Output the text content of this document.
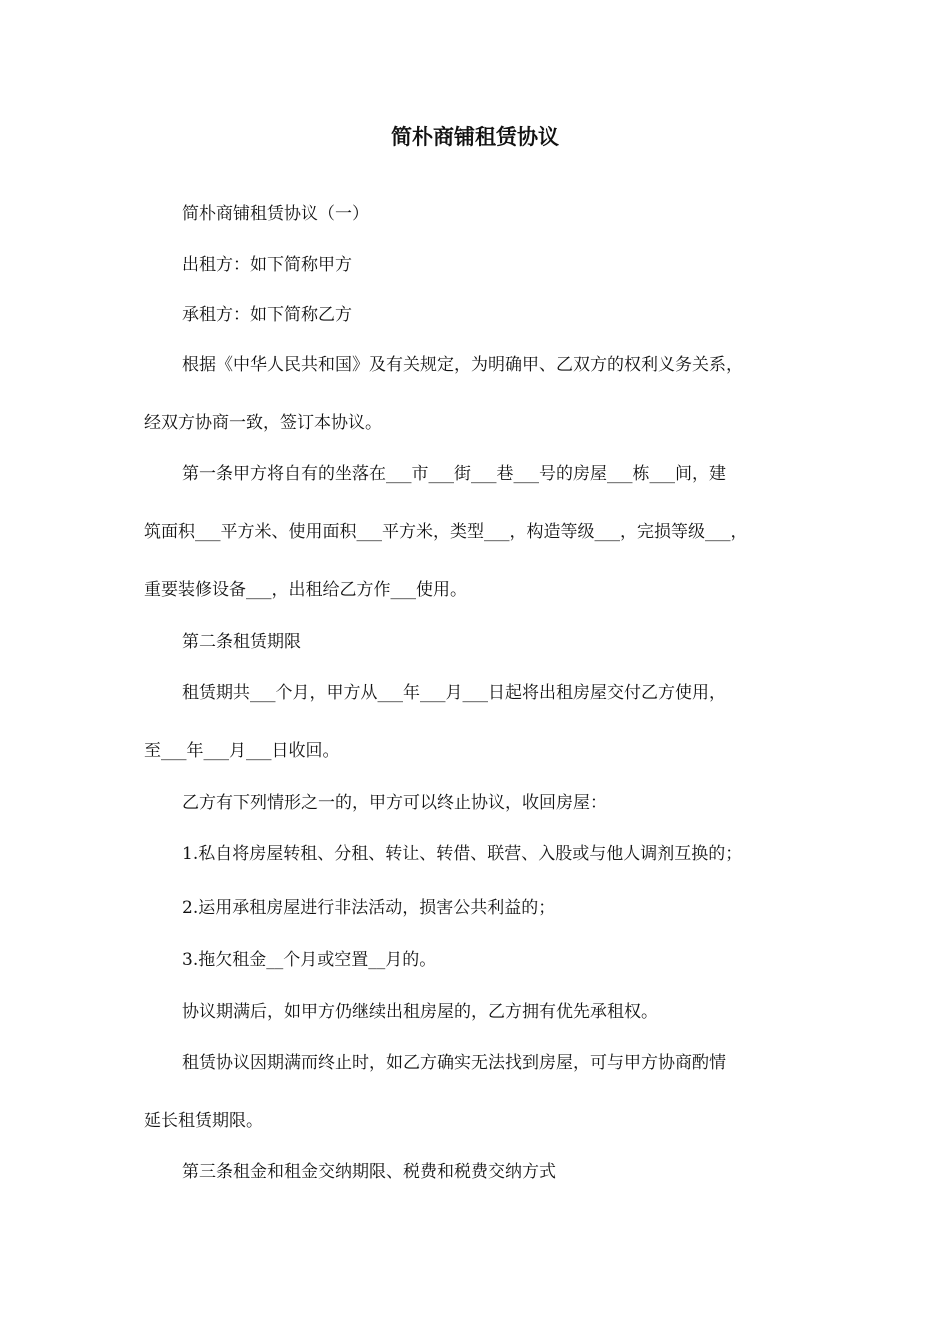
简朴商铺租赁协议
简朴商铺租赁协议（一）
出租方：如下简称甲方
承租方：如下简称乙方
根据《中华人民共和国》及有关规定，为明确甲、乙双方的权利义务关系，
经双方协商一致，签订本协议。
第一条甲方将自有的坐落在___市___街___巷___号的房屋___栋___间，建
筑面积___平方米、使用面积___平方米，类型___，构造等级___，完损等级___，
重要装修设备___，出租给乙方作___使用。
第二条租赁期限
租赁期共___个月，甲方从___年___月___日起将出租房屋交付乙方使用，
至___年___月___日收回。
乙方有下列情形之一的，甲方可以终止协议，收回房屋：
1.私自将房屋转租、分租、转让、转借、联营、入股或与他人调剂互换的；
2.运用承租房屋进行非法活动，损害公共利益的；
3.拖欠租金__个月或空置__月的。
协议期满后，如甲方仍继续出租房屋的，乙方拥有优先承租权。
租赁协议因期满而终止时，如乙方确实无法找到房屋，可与甲方协商酌情
延长租赁期限。
第三条租金和租金交纳期限、税费和税费交纳方式
